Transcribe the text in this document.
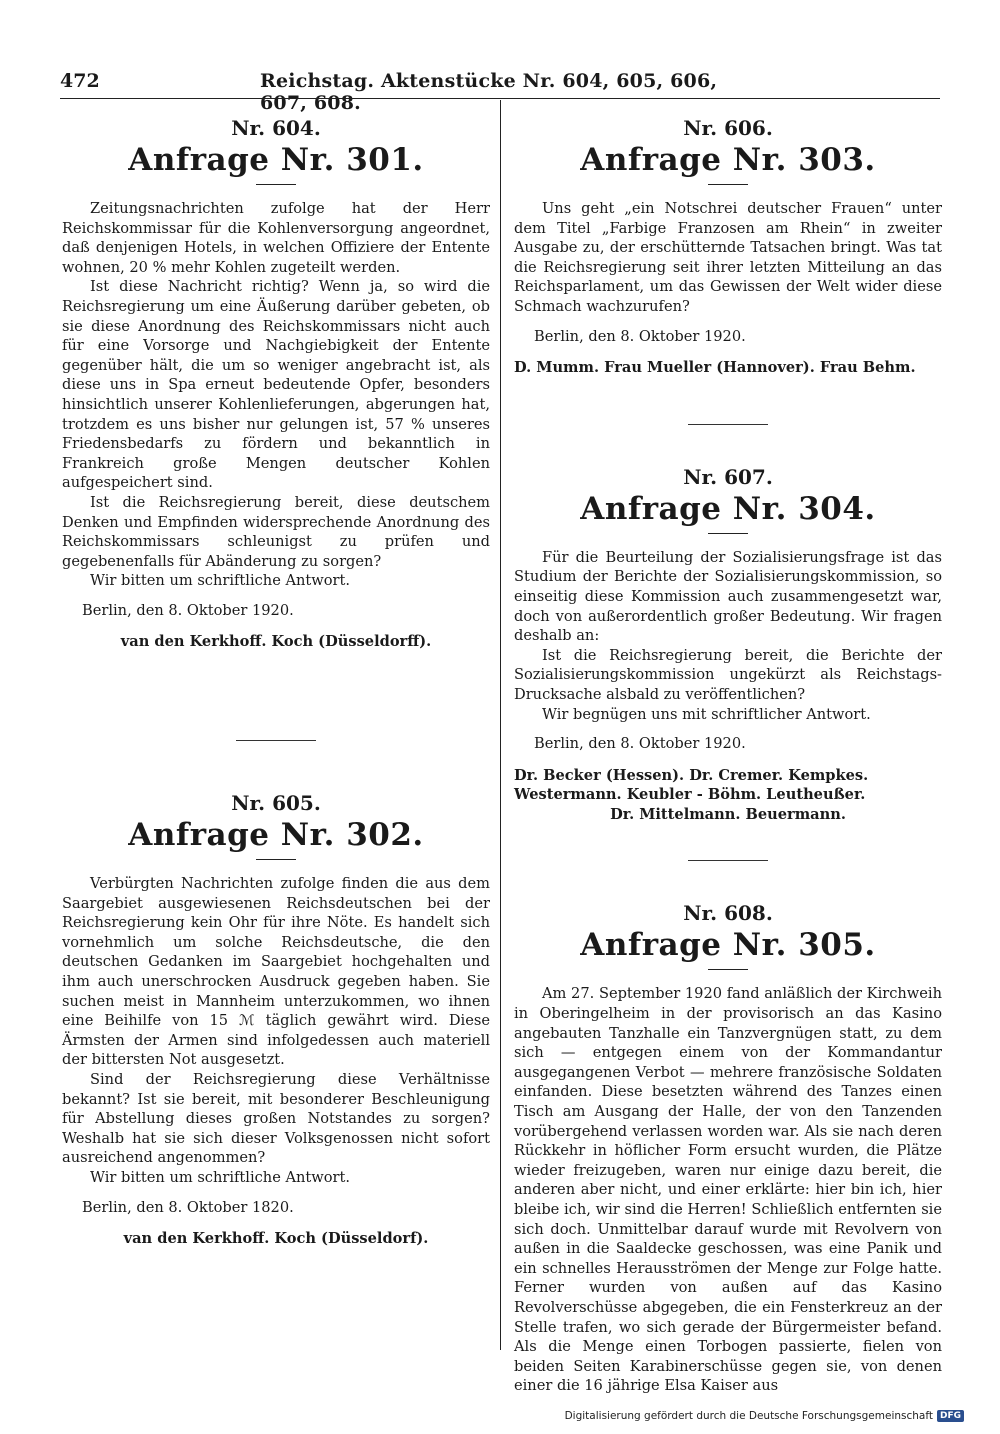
472	Reichstag. Aktenstücke Nr. 604, 605, 606, 607, 608.
Nr. 604.
Anfrage Nr. 301.

Zeitungsnachrichten zufolge hat der Herr Reichskommissar für die Kohlenversorgung angeordnet, daß denjenigen Hotels, in welchen Offiziere der Entente wohnen, 20 % mehr Kohlen zugeteilt werden.

Ist diese Nachricht richtig? Wenn ja, so wird die Reichsregierung um eine Äußerung darüber gebeten, ob sie diese Anordnung des Reichskommissars nicht auch für eine Vorsorge und Nachgiebigkeit der Entente gegenüber hält, die um so weniger angebracht ist, als diese uns in Spa erneut bedeutende Opfer, besonders hinsichtlich unserer Kohlenlieferungen, abgerungen hat, trotzdem es uns bisher nur gelungen ist, 57 % unseres Friedensbedarfs zu fördern und bekanntlich in Frankreich große Mengen deutscher Kohlen aufgespeichert sind.

Ist die Reichsregierung bereit, diese deutschem Denken und Empfinden widersprechende Anordnung des Reichskommissars schleunigst zu prüfen und gegebenenfalls für Abänderung zu sorgen?

Wir bitten um schriftliche Antwort.

Berlin, den 8. Oktober 1920.

van den Kerkhoff. Koch (Düsseldorff).

Nr. 605.
Anfrage Nr. 302.

Verbürgten Nachrichten zufolge finden die aus dem Saargebiet ausgewiesenen Reichsdeutschen bei der Reichsregierung kein Ohr für ihre Nöte. Es handelt sich vornehmlich um solche Reichsdeutsche, die den deutschen Gedanken im Saargebiet hochgehalten und ihm auch unerschrocken Ausdruck gegeben haben. Sie suchen meist in Mannheim unterzukommen, wo ihnen eine Beihilfe von 15 ℳ täglich gewährt wird. Diese Ärmsten der Armen sind infolgedessen auch materiell der bittersten Not ausgesetzt.

Sind der Reichsregierung diese Verhältnisse bekannt? Ist sie bereit, mit besonderer Beschleunigung für Abstellung dieses großen Notstandes zu sorgen? Weshalb hat sie sich dieser Volksgenossen nicht sofort ausreichend angenommen?

Wir bitten um schriftliche Antwort.

Berlin, den 8. Oktober 1820.

van den Kerkhoff. Koch (Düsseldorf).

Nr. 606.
Anfrage Nr. 303.

Uns geht „ein Notschrei deutscher Frauen“ unter dem Titel „Farbige Franzosen am Rhein“ in zweiter Ausgabe zu, der erschütternde Tatsachen bringt. Was tat die Reichsregierung seit ihrer letzten Mitteilung an das Reichsparlament, um das Gewissen der Welt wider diese Schmach wachzurufen?

Berlin, den 8. Oktober 1920.

D. Mumm. Frau Mueller (Hannover). Frau Behm.

Nr. 607.
Anfrage Nr. 304.

Für die Beurteilung der Sozialisierungsfrage ist das Studium der Berichte der Sozialisierungskommission, so einseitig diese Kommission auch zusammengesetzt war, doch von außerordentlich großer Bedeutung. Wir fragen deshalb an:

Ist die Reichsregierung bereit, die Berichte der Sozialisierungskommission ungekürzt als Reichstags-Drucksache alsbald zu veröffentlichen?

Wir begnügen uns mit schriftlicher Antwort.

Berlin, den 8. Oktober 1920.

Dr. Becker (Hessen). Dr. Cremer. Kempkes.
Westermann. Keubler - Böhm. Leutheußer.
Dr. Mittelmann. Beuermann.
Nr. 608.
Anfrage Nr. 305.

Am 27. September 1920 fand anläßlich der Kirchweih in Oberingelheim in der provisorisch an das Kasino angebauten Tanzhalle ein Tanzvergnügen statt, zu dem sich — entgegen einem von der Kommandantur ausgegangenen Verbot — mehrere französische Soldaten einfanden. Diese besetzten während des Tanzes einen Tisch am Ausgang der Halle, der von den Tanzenden vorübergehend verlassen worden war. Als sie nach deren Rückkehr in höflicher Form ersucht wurden, die Plätze wieder freizugeben, waren nur einige dazu bereit, die anderen aber nicht, und einer erklärte: hier bin ich, hier bleibe ich, wir sind die Herren! Schließlich entfernten sie sich doch. Unmittelbar darauf wurde mit Revolvern von außen in die Saaldecke geschossen, was eine Panik und ein schnelles Herausströmen der Menge zur Folge hatte. Ferner wurden von außen auf das Kasino Revolverschüsse abgegeben, die ein Fensterkreuz an der Stelle trafen, wo sich gerade der Bürgermeister befand. Als die Menge einen Torbogen passierte, fielen von beiden Seiten Karabinerschüsse gegen sie, von denen einer die 16 jährige Elsa Kaiser aus

Digitalisierung gefördert durch die Deutsche Forschungsgemeinschaft DFG
